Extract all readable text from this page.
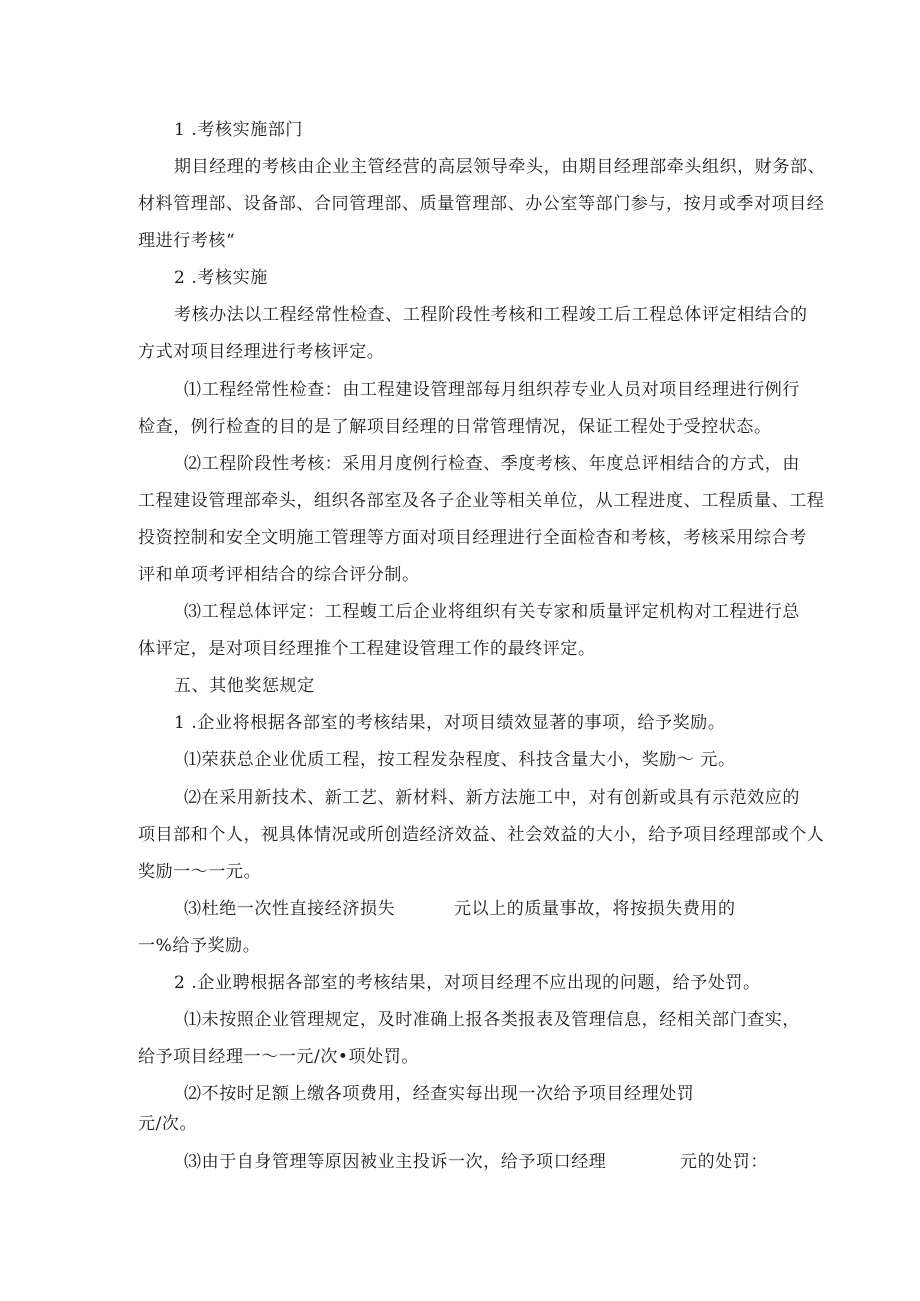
1 .考核实施部门

期目经理的考核由企业主管经营的高层领导牵头，由期目经理部牵头组织，财务部、

材料管理部、设备部、合同管理部、质量管理部、办公室等部门参与，按月或季对项目经

理进行考核“

2 .考核实施

考核办法以工程经常性检查、工程阶段性考核和工程竣工后工程总体评定相结合的

方式对项目经理进行考核评定。

⑴工程经常性检查：由工程建设管理部每月组织荐专业人员对项目经理进行例行

检查，例行检查的目的是了解项目经理的日常管理情况，保证工程处于受控状态。

⑵工程阶段性考核：采用月度例行检查、季度考核、年度总评相结合的方式，由

工程建设管理部牵头，组织各部室及各子企业等相关单位，从工程进度、工程质量、工程

投资控制和安全文明施工管理等方面对项目经理进行全面检杳和考核，考核采用综合考

评和单项考评相结合的综合评分制。

⑶工程总体评定：工程蝮工后企业将组织有关专家和质量评定机构对工程进行总

体评定，是对项目经理推个工程建设管理工作的最终评定。

五、其他奖惩规定

1 .企业将根据各部室的考核结果，对项目绩效显著的事项，给予奖励。

⑴荣获总企业优质工程，按工程发杂程度、科技含量大小，奖励～ 元。

⑵在采用新技术、新工艺、新材料、新方法施工中，对有创新或具有示范效应的

项目部和个人，视具体情况或所创造经济效益、社会效益的大小，给予项目经理部或个人

奖励一～一元。

⑶杜绝一次性直接经济损失	元以上的质量事故，将按损失费用的

一%给予奖励。

2 .企业聘根据各部室的考核结果，对项目经理不应出现的问题，给予处罚。

⑴未按照企业管理规定，及时准确上报各类报表及管理信息，经相关部门查实，

给予项目经理一～一元/次•项处罚。

⑵不按时足额上缴各项费用，经查实每出现一次给予项目经理处罚

元/次。

⑶由于自身管理等原因被业主投诉一次，给予项口经理	元的处罚：
